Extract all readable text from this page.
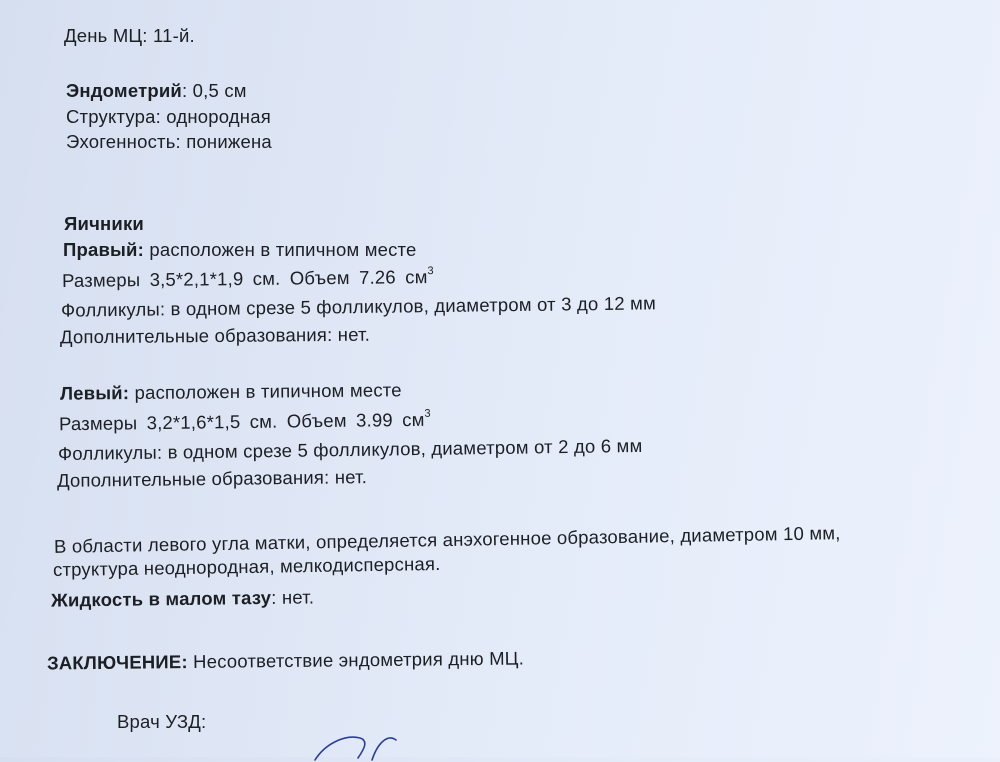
День МЦ: 11-й.
Эндометрий: 0,5 см
Структура: однородная
Эхогенность: понижена
Яичники
Правый: расположен в типичном месте
Размеры 3,5*2,1*1,9 см. Объем 7.26 $см^3$
Фолликулы: в одном срезе 5 фолликулов, диаметром от 3 до 12 мм
Дополнительные образования: нет.
Левый: расположен в типичном месте
Размеры 3,2*1,6*1,5 см. Объем 3.99 $см^3$
Фолликулы: в одном срезе 5 фолликулов, диаметром от 2 до 6 мм
Дополнительные образования: нет.
В области левого угла матки, определяется анэхогенное образование, диаметром 10 мм,
структура неоднородная, мелкодисперсная.
Жидкость в малом тазу: нет.
ЗАКЛЮЧЕНИЕ: Несоответствие эндометрия дню МЦ.
Врач УЗД:
